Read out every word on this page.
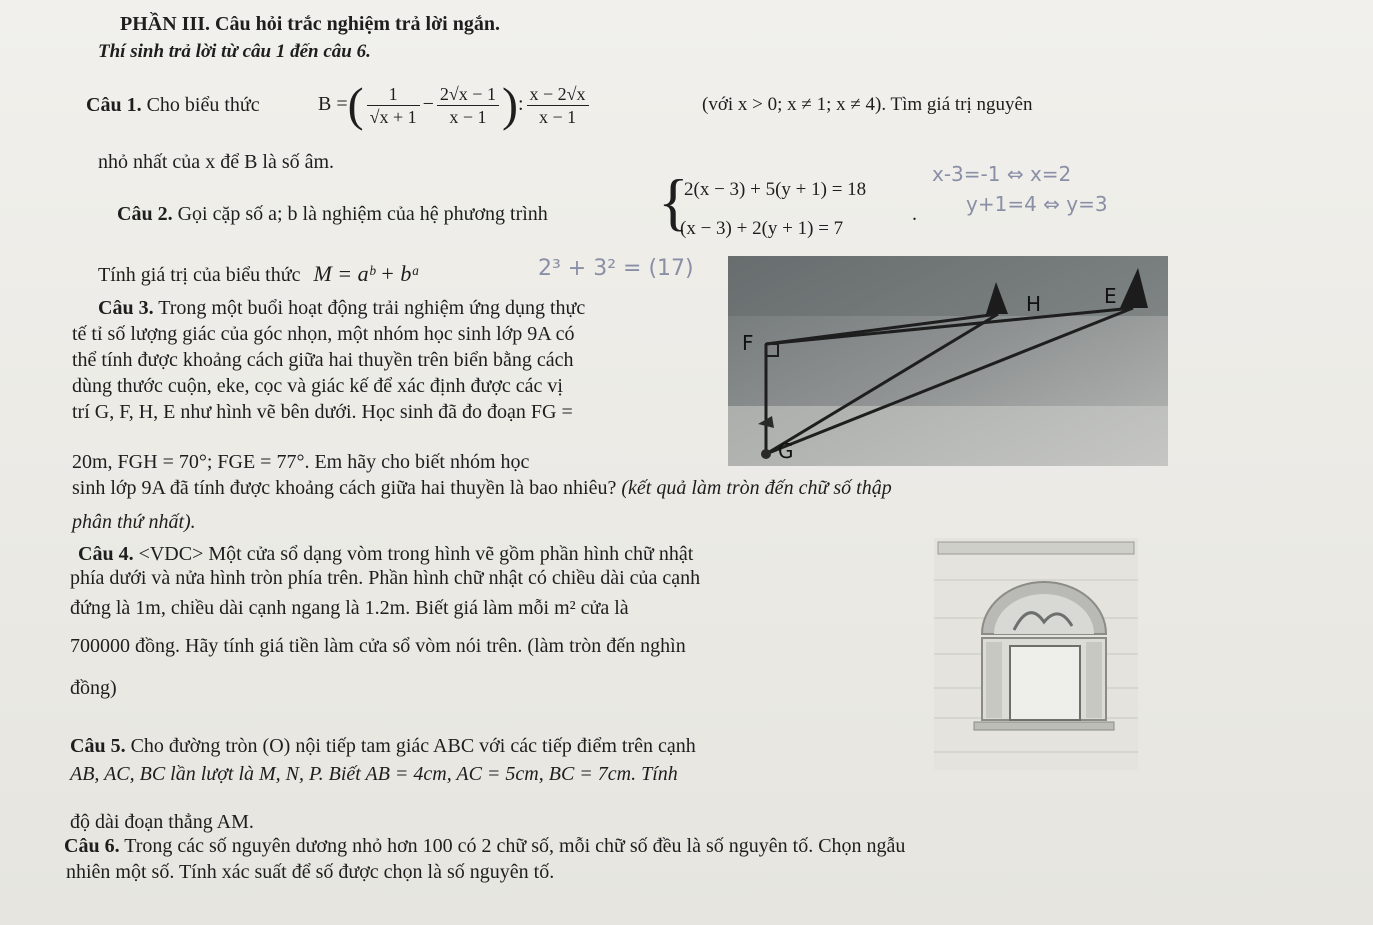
PHẦN III. Câu hỏi trắc nghiệm trả lời ngắn.
Thí sinh trả lời từ câu 1 đến câu 6.
Câu 1. Cho biểu thức	B =( $\frac{1}{√x + 1} - \frac{2√x - 1}{x - 1}$ ): $\frac{x - 2√x}{x - 1}$	(với x > 0; x ≠ 1; x ≠ 4). Tìm giá trị nguyên
nhỏ nhất của x để B là số âm.
Câu 2. Gọi cặp số a; b là nghiệm của hệ phương trình {
2(x − 3) + 5(y + 1) = 18
(x − 3) + 2(y + 1) = 7
.
x-3=-1 ⇔ x=2
y+1=4 ⇔ y=3
Tính giá trị của biểu thức M = aᵇ + bᵃ	2³ + 3² = (17)
Câu 3. Trong một buổi hoạt động trải nghiệm ứng dụng thực
tế tỉ số lượng giác của góc nhọn, một nhóm học sinh lớp 9A có
thể tính được khoảng cách giữa hai thuyền trên biển bằng cách
dùng thước cuộn, eke, cọc và giác kế để xác định được các vị
trí G, F, H, E như hình vẽ bên dưới. Học sinh đã đo đoạn FG =
20m, FGH = 70°; FGE = 77°. Em hãy cho biết nhóm học
sinh lớp 9A đã tính được khoảng cách giữa hai thuyền là bao nhiêu? (kết quả làm tròn đến chữ số thập
phân thứ nhất).
H	E
F
G
Câu 4. <VDC> Một cửa sổ dạng vòm trong hình vẽ gồm phần hình chữ nhật
phía dưới và nửa hình tròn phía trên. Phần hình chữ nhật có chiều dài của cạnh
đứng là 1m, chiều dài cạnh ngang là 1.2m. Biết giá làm mỗi m² cửa là
700000 đồng. Hãy tính giá tiền làm cửa sổ vòm nói trên. (làm tròn đến nghìn
đồng)
Câu 5. Cho đường tròn (O) nội tiếp tam giác ABC với các tiếp điểm trên cạnh
AB, AC, BC lần lượt là M, N, P. Biết AB = 4cm, AC = 5cm, BC = 7cm. Tính
độ dài đoạn thẳng AM.
Câu 6. Trong các số nguyên dương nhỏ hơn 100 có 2 chữ số, mỗi chữ số đều là số nguyên tố. Chọn ngẫu
nhiên một số. Tính xác suất để số được chọn là số nguyên tố.
